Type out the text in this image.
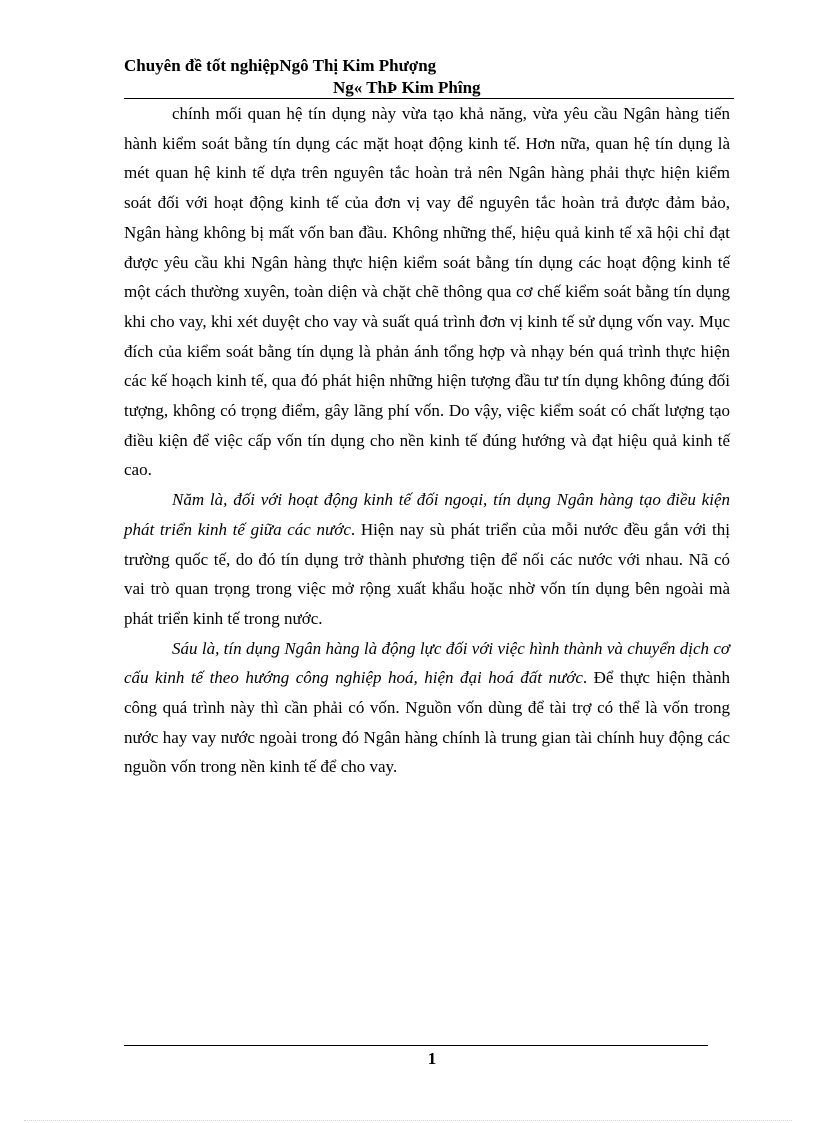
Chuyên đề tốt nghiệpNgô Thị Kim Phượng
Ng« ThÞ Kim Phîng

chính mối quan hệ tín dụng này vừa tạo khả năng, vừa yêu cầu Ngân hàng tiến hành kiểm soát bằng tín dụng các mặt hoạt động kinh tế. Hơn nữa, quan hệ tín dụng là mét quan hệ kinh tế dựa trên nguyên tắc hoàn trả nên Ngân hàng phải thực hiện kiểm soát đối với hoạt động kinh tế của đơn vị vay để nguyên tắc hoàn trả được đảm bảo, Ngân hàng không bị mất vốn ban đầu. Không những thế, hiệu quả kinh tế xã hội chỉ đạt được yêu cầu khi Ngân hàng thực hiện kiểm soát bằng tín dụng các hoạt động kinh tế một cách thường xuyên, toàn diện và chặt chẽ thông qua cơ chế kiểm soát bằng tín dụng khi cho vay, khi xét duyệt cho vay và suất quá trình đơn vị kinh tế sử dụng vốn vay. Mục đích của kiểm soát bằng tín dụng là phản ánh tổng hợp và nhạy bén quá trình thực hiện các kế hoạch kinh tế, qua đó phát hiện những hiện tượng đầu tư tín dụng không đúng đối tượng, không có trọng điểm, gây lãng phí vốn. Do vậy, việc kiểm soát có chất lượng tạo điều kiện để việc cấp vốn tín dụng cho nền kinh tế đúng hướng và đạt hiệu quả kinh tế cao.

Năm là, đối với hoạt động kinh tế đối ngoại, tín dụng Ngân hàng tạo điều kiện phát triển kinh tế giữa các nước. Hiện nay sù phát triển của mỗi nước đều gắn với thị trường quốc tế, do đó tín dụng trở thành phương tiện để nối các nước với nhau. Nã có vai trò quan trọng trong việc mở rộng xuất khẩu hoặc nhờ vốn tín dụng bên ngoài mà phát triển kinh tế trong nước.

Sáu là, tín dụng Ngân hàng là động lực đối với việc hình thành và chuyển dịch cơ cấu kinh tế theo hướng công nghiệp hoá, hiện đại hoá đất nước. Để thực hiện thành công quá trình này thì cần phải có vốn. Nguồn vốn dùng để tài trợ có thể là vốn trong nước hay vay nước ngoài trong đó Ngân hàng chính là trung gian tài chính huy động các nguồn vốn trong nền kinh tế để cho vay.

1
